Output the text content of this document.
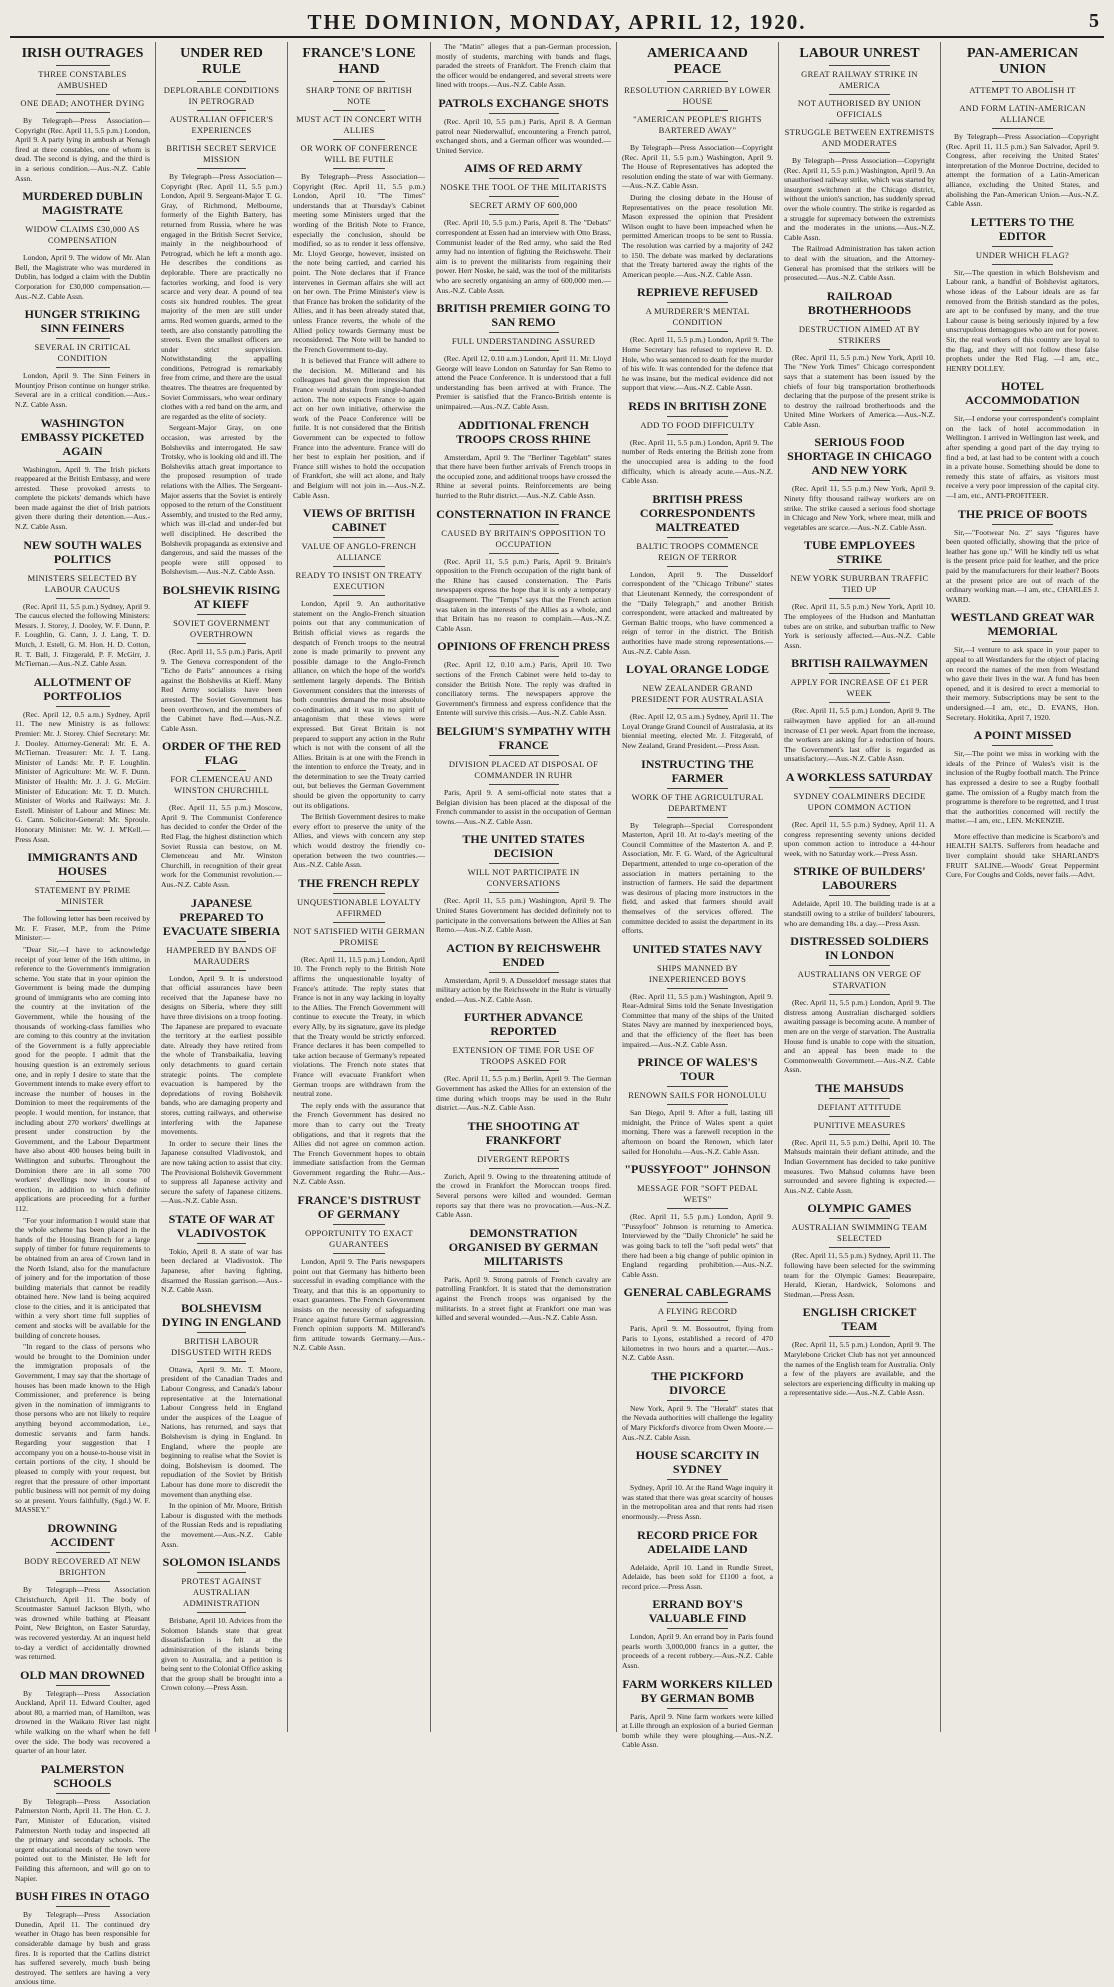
THE DOMINION, MONDAY, APRIL 12, 1920.	5
IRISH OUTRAGES
THREE CONSTABLES AMBUSHED
ONE DEAD; ANOTHER DYING

By Telegraph—Press Association—Copyright (Rec. April 11, 5.5 p.m.) London, April 9. A party lying in ambush at Nenagh fired at three constables, one of whom is dead. The second is dying, and the third is in a serious condition.—Aus.-N.Z. Cable Assn.

MURDERED DUBLIN MAGISTRATE
WIDOW CLAIMS £30,000 AS COMPENSATION

London, April 9. The widow of Mr. Alan Bell, the Magistrate who was murdered in Dublin, has lodged a claim with the Dublin Corporation for £30,000 compensation.—Aus.-N.Z. Cable Assn.

HUNGER STRIKING SINN FEINERS
SEVERAL IN CRITICAL CONDITION

London, April 9. The Sinn Feiners in Mountjoy Prison continue on hunger strike. Several are in a critical condition.—Aus.-N.Z. Cable Assn.

WASHINGTON EMBASSY PICKETED AGAIN

Washington, April 9. The Irish pickets reappeared at the British Embassy, and were arrested. These provoked arrests to complete the pickets' demands which have been made against the diet of Irish patriots given there during their detention.—Aus.-N.Z. Cable Assn.

NEW SOUTH WALES POLITICS
MINISTERS SELECTED BY LABOUR CAUCUS

(Rec. April 11, 5.5 p.m.) Sydney, April 9. The caucus elected the following Ministers: Messrs. J. Storey, J. Dooley, W. F. Dunn, P. F. Loughlin, G. Cann, J. J. Lang, T. D. Mutch, J. Estell, G. M. Hon. H. D. Cotton, R. T. Ball, J. Fitzgerald, P. F. McGirr, J. McTiernan.—Aus.-N.Z. Cable Assn.

ALLOTMENT OF PORTFOLIOS

(Rec. April 12, 0.5 a.m.) Sydney, April 11. The new Ministry is as follows: Premier: Mr. J. Storey. Chief Secretary: Mr. J. Dooley. Attorney-General: Mr. E. A. McTiernan. Treasurer: Mr. J. T. Lang. Minister of Lands: Mr. P. F. Loughlin. Minister of Agriculture: Mr. W. F. Dunn. Minister of Health: Mr. J. J. G. McGirr. Minister of Education: Mr. T. D. Mutch. Minister of Works and Railways: Mr. J. Estell. Minister of Labour and Mines: Mr. G. Cann. Solicitor-General: Mr. Sproule. Honorary Minister: Mr. W. J. M'Kell.—Press Assn.

IMMIGRANTS AND HOUSES
STATEMENT BY PRIME MINISTER

The following letter has been received by Mr. F. Fraser, M.P., from the Prime Minister:—

"Dear Sir,—I have to acknowledge receipt of your letter of the 16th ultimo, in reference to the Government's immigration scheme. You state that in your opinion the Government is being made the dumping ground of immigrants who are coming into the country at the invitation of the Government, while the housing of the thousands of working-class families who are coming to this country at the invitation of the Government is a fully appreciable good for the people. I admit that the housing question is an extremely serious one, and in reply I desire to state that the Government intends to make every effort to increase the number of houses in the Dominion to meet the requirements of the people. I would mention, for instance, that including about 270 workers' dwellings at present under construction by the Government, and the Labour Department have also about 400 houses being built in Wellington and suburbs. Throughout the Dominion there are in all some 700 workers' dwellings now in course of erection, in addition to which definite applications are proceeding for a further 112.

"For your information I would state that the whole scheme has been placed in the hands of the Housing Branch for a large supply of timber for future requirements to be obtained from an area of Crown land in the North Island, also for the manufacture of joinery and for the importation of those building materials that cannot be readily obtained here. New land is being acquired close to the cities, and it is anticipated that within a very short time full supplies of cement and stocks will be available for the building of concrete houses.

"In regard to the class of persons who would be brought to the Dominion under the immigration proposals of the Government, I may say that the shortage of houses has been made known to the High Commissioner, and preference is being given in the nomination of immigrants to those persons who are not likely to require anything beyond accommodation, i.e., domestic servants and farm hands. Regarding your suggestion that I accompany you on a house-to-house visit in certain portions of the city, I should be pleased to comply with your request, but regret that the pressure of other important public business will not permit of my doing so at present. Yours faithfully, (Sgd.) W. F. MASSEY."

DROWNING ACCIDENT
BODY RECOVERED AT NEW BRIGHTON

By Telegraph—Press Association Christchurch, April 11. The body of Scoutmaster Samuel Jackson Blyth, who was drowned while bathing at Pleasant Point, New Brighton, on Easter Saturday, was recovered yesterday. At an inquest held to-day a verdict of accidentally drowned was returned.

OLD MAN DROWNED

By Telegraph—Press Association Auckland, April 11. Edward Coulter, aged about 80, a married man, of Hamilton, was drowned in the Waikato River last night while walking on the wharf when he fell over the side. The body was recovered a quarter of an hour later.

PALMERSTON SCHOOLS

By Telegraph—Press Association Palmerston North, April 11. The Hon. C. J. Parr, Minister of Education, visited Palmerston North today and inspected all the primary and secondary schools. The urgent educational needs of the town were pointed out to the Minister. He left for Feilding this afternoon, and will go on to Napier.

BUSH FIRES IN OTAGO

By Telegraph—Press Association Dunedin, April 11. The continued dry weather in Otago has been responsible for considerable damage by bush and grass fires. It is reported that the Catlins district has suffered severely, much bush being destroyed. The settlers are having a very anxious time.

UNDER RED RULE
DEPLORABLE CONDITIONS IN PETROGRAD
AUSTRALIAN OFFICER'S EXPERIENCES
BRITISH SECRET SERVICE MISSION

By Telegraph—Press Association—Copyright (Rec. April 11, 5.5 p.m.) London, April 9. Sergeant-Major T. G. Gray, of Richmond, Melbourne, formerly of the Eighth Battery, has returned from Russia, where he was engaged in the British Secret Service, mainly in the neighbourhood of Petrograd, which he left a month ago. He describes the conditions as deplorable. There are practically no factories working, and food is very scarce and very dear. A pound of tea costs six hundred roubles. The great majority of the men are still under arms. Red women guards, armed to the teeth, are also constantly patrolling the streets. Even the smallest officers are under strict supervision. Notwithstanding the appalling conditions, Petrograd is remarkably free from crime, and there are the usual theatres. The theatres are frequented by Soviet Commissars, who wear ordinary clothes with a red band on the arm, and are regarded as the elite of society.

Sergeant-Major Gray, on one occasion, was arrested by the Bolsheviks and interrogated. He saw Trotsky, who is looking old and ill. The Bolsheviks attach great importance to the proposed resumption of trade relations with the Allies. The Sergeant-Major asserts that the Soviet is entirely opposed to the return of the Constituent Assembly, and trusted to the Red army, which was ill-clad and under-fed but well disciplined. He described the Bolshevik propaganda as extensive and dangerous, and said the masses of the people were still opposed to Bolshevism.—Aus.-N.Z. Cable Assn.

BOLSHEVIK RISING AT KIEFF
SOVIET GOVERNMENT OVERTHROWN

(Rec. April 11, 5.5 p.m.) Paris, April 9. The Geneva correspondent of the "Echo de Paris" announces a rising against the Bolsheviks at Kieff. Many Red Army socialists have been arrested. The Soviet Government has been overthrown, and the members of the Cabinet have fled.—Aus.-N.Z. Cable Assn.

ORDER OF THE RED FLAG
FOR CLEMENCEAU AND WINSTON CHURCHILL

(Rec. April 11, 5.5 p.m.) Moscow, April 9. The Communist Conference has decided to confer the Order of the Red Flag, the highest distinction which Soviet Russia can bestow, on M. Clemenceau and Mr. Winston Churchill, in recognition of their great work for the Communist revolution.—Aus.-N.Z. Cable Assn.

JAPANESE PREPARED TO EVACUATE SIBERIA
HAMPERED BY BANDS OF MARAUDERS

London, April 9. It is understood that official assurances have been received that the Japanese have no designs on Siberia, where they still have three divisions on a troop footing. The Japanese are prepared to evacuate the territory at the earliest possible date. Already they have retired from the whole of Transbaikalia, leaving only detachments to guard certain strategic points. The complete evacuation is hampered by the depredations of roving Bolshevik bands, who are damaging property and stores, cutting railways, and otherwise interfering with the Japanese movements.

In order to secure their lines the Japanese consulted Vladivostok, and are now taking action to assist that city. The Provisional Bolshevik Government to suppress all Japanese activity and secure the safety of Japanese citizens.—Aus.-N.Z. Cable Assn.

STATE OF WAR AT VLADIVOSTOK

Tokio, April 8. A state of war has been declared at Vladivostok. The Japanese, after having fighting, disarmed the Russian garrison.—Aus.-N.Z. Cable Assn.

BOLSHEVISM DYING IN ENGLAND
BRITISH LABOUR DISGUSTED WITH REDS

Ottawa, April 9. Mr. T. Moore, president of the Canadian Trades and Labour Congress, and Canada's labour representative at the International Labour Congress held in England under the auspices of the League of Nations, has returned, and says that Bolshevism is dying in England. In England, where the people are beginning to realise what the Soviet is doing, Bolshevism is doomed. The repudiation of the Soviet by British Labour has done more to discredit the movement than anything else.

In the opinion of Mr. Moore, British Labour is disgusted with the methods of the Russian Reds and is repudiating the movement.—Aus.-N.Z. Cable Assn.

SOLOMON ISLANDS
PROTEST AGAINST AUSTRALIAN ADMINISTRATION

Brisbane, April 10. Advices from the Solomon Islands state that great dissatisfaction is felt at the administration of the islands being given to Australia, and a petition is being sent to the Colonial Office asking that the group shall be brought into a Crown colony.—Press Assn.

FRANCE'S LONE HAND
SHARP TONE OF BRITISH NOTE
MUST ACT IN CONCERT WITH ALLIES
OR WORK OF CONFERENCE WILL BE FUTILE

By Telegraph—Press Association—Copyright (Rec. April 11, 5.5 p.m.) London, April 10. "The Times" understands that at Thursday's Cabinet meeting some Ministers urged that the wording of the British Note to France, especially the conclusion, should be modified, so as to render it less offensive. Mr. Lloyd George, however, insisted on the note being carried, and carried his point. The Note declares that if France intervenes in German affairs she will act on her own. The Prime Minister's view is that France has broken the solidarity of the Allies, and it has been already stated that, unless France reverts, the whole of the Allied policy towards Germany must be reconsidered. The Note will be handed to the French Government to-day.

It is believed that France will adhere to the decision. M. Millerand and his colleagues had given the impression that France would abstain from single-handed action. The note expects France to again act on her own initiative, otherwise the work of the Peace Conference will be futile. It is not considered that the British Government can be expected to follow France into the adventure. France will do her best to explain her position, and if France still wishes to hold the occupation of Frankfort, she will act alone, and Italy and Belgium will not join in.—Aus.-N.Z. Cable Assn.

VIEWS OF BRITISH CABINET
VALUE OF ANGLO-FRENCH ALLIANCE
READY TO INSIST ON TREATY EXECUTION

London, April 9. An authoritative statement on the Anglo-French situation points out that any communication of British official views as regards the despatch of French troops to the neutral zone is made primarily to prevent any possible damage to the Anglo-French alliance, on which the hope of the world's settlement largely depends. The British Government considers that the interests of both countries demand the most absolute co-ordination, and it was in no spirit of antagonism that these views were expressed. But Great Britain is not prepared to support any action in the Ruhr which is not with the consent of all the Allies. Britain is at one with the French in the intention to enforce the Treaty, and in the determination to see the Treaty carried out, but believes the German Government should be given the opportunity to carry out its obligations.

The British Government desires to make every effort to preserve the unity of the Allies, and views with concern any step which would destroy the friendly co-operation between the two countries.—Aus.-N.Z. Cable Assn.

THE FRENCH REPLY
UNQUESTIONABLE LOYALTY AFFIRMED
NOT SATISFIED WITH GERMAN PROMISE

(Rec. April 11, 11.5 p.m.) London, April 10. The French reply to the British Note affirms the unquestionable loyalty of France's attitude. The reply states that France is not in any way lacking in loyalty to the Allies. The French Government will continue to execute the Treaty, in which every Ally, by its signature, gave its pledge that the Treaty would be strictly enforced. France declares it has been compelled to take action because of Germany's repeated violations. The French note states that France will evacuate Frankfort when German troops are withdrawn from the neutral zone.

The reply ends with the assurance that the French Government has desired no more than to carry out the Treaty obligations, and that it regrets that the Allies did not agree on common action. The French Government hopes to obtain immediate satisfaction from the German Government regarding the Ruhr.—Aus.-N.Z. Cable Assn.

FRANCE'S DISTRUST OF GERMANY
OPPORTUNITY TO EXACT GUARANTEES

London, April 9. The Paris newspapers point out that Germany has hitherto been successful in evading compliance with the Treaty, and that this is an opportunity to exact guarantees. The French Government insists on the necessity of safeguarding France against future German aggression. French opinion supports M. Millerand's firm attitude towards Germany.—Aus.-N.Z. Cable Assn.

The "Matin" alleges that a pan-German procession, mostly of students, marching with bands and flags, paraded the streets of Frankfort. The French claim that the officer would be endangered, and several streets were lined with troops.—Aus.-N.Z. Cable Assn.

PATROLS EXCHANGE SHOTS

(Rec. April 10, 5.5 p.m.) Paris, April 8. A German patrol near Niederwalluf, encountering a French patrol, exchanged shots, and a German officer was wounded.—United Service.

AIMS OF RED ARMY
NOSKE THE TOOL OF THE MILITARISTS
SECRET ARMY OF 600,000

(Rec. April 10, 5.5 p.m.) Paris, April 8. The "Debats" correspondent at Essen had an interview with Otto Brass, Communist leader of the Red army, who said the Red army had no intention of fighting the Reichswehr. Their aim is to prevent the militarists from regaining their power. Herr Noske, he said, was the tool of the militarists who are secretly organising an army of 600,000 men.—Aus.-N.Z. Cable Assn.

BRITISH PREMIER GOING TO SAN REMO
FULL UNDERSTANDING ASSURED

(Rec. April 12, 0.10 a.m.) London, April 11. Mr. Lloyd George will leave London on Saturday for San Remo to attend the Peace Conference. It is understood that a full understanding has been arrived at with France. The Premier is satisfied that the Franco-British entente is unimpaired.—Aus.-N.Z. Cable Assn.

ADDITIONAL FRENCH TROOPS CROSS RHINE

Amsterdam, April 9. The "Berliner Tageblatt" states that there have been further arrivals of French troops in the occupied zone, and additional troops have crossed the Rhine at several points. Reinforcements are being hurried to the Ruhr district.—Aus.-N.Z. Cable Assn.

CONSTERNATION IN FRANCE
CAUSED BY BRITAIN'S OPPOSITION TO OCCUPATION

(Rec. April 11, 5.5 p.m.) Paris, April 9. Britain's opposition to the French occupation of the right bank of the Rhine has caused consternation. The Paris newspapers express the hope that it is only a temporary disagreement. The "Temps" says that the French action was taken in the interests of the Allies as a whole, and that Britain has no reason to complain.—Aus.-N.Z. Cable Assn.

OPINIONS OF FRENCH PRESS

(Rec. April 12, 0.10 a.m.) Paris, April 10. Two sections of the French Cabinet were held to-day to consider the British Note. The reply was drafted in conciliatory terms. The newspapers approve the Government's firmness and express confidence that the Entente will survive this crisis.—Aus.-N.Z. Cable Assn.

BELGIUM'S SYMPATHY WITH FRANCE
DIVISION PLACED AT DISPOSAL OF COMMANDER IN RUHR

Paris, April 9. A semi-official note states that a Belgian division has been placed at the disposal of the French commander to assist in the occupation of German towns.—Aus.-N.Z. Cable Assn.

THE UNITED STATES DECISION
WILL NOT PARTICIPATE IN CONVERSATIONS

(Rec. April 11, 5.5 p.m.) Washington, April 9. The United States Government has decided definitely not to participate in the conversations between the Allies at San Remo.—Aus.-N.Z. Cable Assn.

ACTION BY REICHSWEHR ENDED

Amsterdam, April 9. A Dusseldorf message states that military action by the Reichswehr in the Ruhr is virtually ended.—Aus.-N.Z. Cable Assn.

FURTHER ADVANCE REPORTED
EXTENSION OF TIME FOR USE OF TROOPS ASKED FOR

(Rec. April 11, 5.5 p.m.) Berlin, April 9. The German Government has asked the Allies for an extension of the time during which troops may be used in the Ruhr district.—Aus.-N.Z. Cable Assn.

THE SHOOTING AT FRANKFORT
DIVERGENT REPORTS

Zurich, April 9. Owing to the threatening attitude of the crowd in Frankfort the Moroccan troops fired. Several persons were killed and wounded. German reports say that there was no provocation.—Aus.-N.Z. Cable Assn.

DEMONSTRATION ORGANISED BY GERMAN MILITARISTS

Paris, April 9. Strong patrols of French cavalry are patrolling Frankfort. It is stated that the demonstration against the French troops was organised by the militarists. In a street fight at Frankfort one man was killed and several wounded.—Aus.-N.Z. Cable Assn.

AMERICA AND PEACE
RESOLUTION CARRIED BY LOWER HOUSE
"AMERICAN PEOPLE'S RIGHTS BARTERED AWAY"

By Telegraph—Press Association—Copyright (Rec. April 11, 5.5 p.m.) Washington, April 9. The House of Representatives has adopted the resolution ending the state of war with Germany.—Aus.-N.Z. Cable Assn.

During the closing debate in the House of Representatives on the peace resolution Mr. Mason expressed the opinion that President Wilson ought to have been impeached when he permitted American troops to be sent to Russia. The resolution was carried by a majority of 242 to 150. The debate was marked by declarations that the Treaty bartered away the rights of the American people.—Aus.-N.Z. Cable Assn.

REPRIEVE REFUSED
A MURDERER'S MENTAL CONDITION

(Rec. April 11, 5.5 p.m.) London, April 9. The Home Secretary has refused to reprieve R. D. Hole, who was sentenced to death for the murder of his wife. It was contended for the defence that he was insane, but the medical evidence did not support that view.—Aus.-N.Z. Cable Assn.

REDS IN BRITISH ZONE
ADD TO FOOD DIFFICULTY

(Rec. April 11, 5.5 p.m.) London, April 9. The number of Reds entering the British zone from the unoccupied area is adding to the food difficulty, which is already acute.—Aus.-N.Z. Cable Assn.

BRITISH PRESS CORRESPONDENTS MALTREATED
BALTIC TROOPS COMMENCE REIGN OF TERROR

London, April 9. The Dusseldorf correspondent of the "Chicago Tribune" states that Lieutenant Kennedy, the correspondent of the "Daily Telegraph," and another British correspondent, were attacked and maltreated by German Baltic troops, who have commenced a reign of terror in the district. The British authorities have made strong representations.—Aus.-N.Z. Cable Assn.

LOYAL ORANGE LODGE
NEW ZEALANDER GRAND PRESIDENT FOR AUSTRALASIA

(Rec. April 12, 0.5 a.m.) Sydney, April 11. The Loyal Orange Grand Council of Australasia, at its biennial meeting, elected Mr. J. Fitzgerald, of New Zealand, Grand President.—Press Assn.

INSTRUCTING THE FARMER
WORK OF THE AGRICULTURAL DEPARTMENT

By Telegraph—Special Correspondent Masterton, April 10. At to-day's meeting of the Council Committee of the Masterton A. and P. Association, Mr. F. G. Ward, of the Agricultural Department, attended to urge co-operation of the association in matters pertaining to the instruction of farmers. He said the department was desirous of placing more instructors in the field, and asked that farmers should avail themselves of the services offered. The committee decided to assist the department in its efforts.

UNITED STATES NAVY
SHIPS MANNED BY INEXPERIENCED BOYS

(Rec. April 11, 5.5 p.m.) Washington, April 9. Rear-Admiral Sims told the Senate Investigation Committee that many of the ships of the United States Navy are manned by inexperienced boys, and that the efficiency of the fleet has been impaired.—Aus.-N.Z. Cable Assn.

PRINCE OF WALES'S TOUR
RENOWN SAILS FOR HONOLULU

San Diego, April 9. After a full, lasting till midnight, the Prince of Wales spent a quiet morning. There was a farewell reception in the afternoon on board the Renown, which later sailed for Honolulu.—Aus.-N.Z. Cable Assn.

"PUSSYFOOT" JOHNSON
MESSAGE FOR "SOFT PEDAL WETS"

(Rec. April 11, 5.5 p.m.) London, April 9. "Pussyfoot" Johnson is returning to America. Interviewed by the "Daily Chronicle" he said he was going back to tell the "soft pedal wets" that there had been a big change of public opinion in England regarding prohibition.—Aus.-N.Z. Cable Assn.

GENERAL CABLEGRAMS
A FLYING RECORD

Paris, April 9. M. Bossoutrot, flying from Paris to Lyons, established a record of 470 kilometres in two hours and a quarter.—Aus.-N.Z. Cable Assn.

THE PICKFORD DIVORCE

New York, April 9. The "Herald" states that the Nevada authorities will challenge the legality of Mary Pickford's divorce from Owen Moore.—Aus.-N.Z. Cable Assn.

HOUSE SCARCITY IN SYDNEY

Sydney, April 10. At the Rand Wage inquiry it was stated that there was great scarcity of houses in the metropolitan area and that rents had risen enormously.—Press Assn.

RECORD PRICE FOR ADELAIDE LAND

Adelaide, April 10. Land in Rundle Street, Adelaide, has been sold for £1100 a foot, a record price.—Press Assn.

ERRAND BOY'S VALUABLE FIND

London, April 9. An errand boy in Paris found pearls worth 3,000,000 francs in a gutter, the proceeds of a recent robbery.—Aus.-N.Z. Cable Assn.

FARM WORKERS KILLED BY GERMAN BOMB

Paris, April 9. Nine farm workers were killed at Lille through an explosion of a buried German bomb while they were ploughing.—Aus.-N.Z. Cable Assn.

LABOUR UNREST
GREAT RAILWAY STRIKE IN AMERICA
NOT AUTHORISED BY UNION OFFICIALS
STRUGGLE BETWEEN EXTREMISTS AND MODERATES

By Telegraph—Press Association—Copyright (Rec. April 11, 5.5 p.m.) Washington, April 9. An unauthorised railway strike, which was started by insurgent switchmen at the Chicago district, without the union's sanction, has suddenly spread over the whole country. The strike is regarded as a struggle for supremacy between the extremists and the moderates in the unions.—Aus.-N.Z. Cable Assn.

The Railroad Administration has taken action to deal with the situation, and the Attorney-General has promised that the strikers will be prosecuted.—Aus.-N.Z. Cable Assn.

RAILROAD BROTHERHOODS
DESTRUCTION AIMED AT BY STRIKERS

(Rec. April 11, 5.5 p.m.) New York, April 10. The "New York Times" Chicago correspondent says that a statement has been issued by the chiefs of four big transportation brotherhoods declaring that the purpose of the present strike is to destroy the railroad brotherhoods and the United Mine Workers of America.—Aus.-N.Z. Cable Assn.

SERIOUS FOOD SHORTAGE IN CHICAGO AND NEW YORK

(Rec. April 11, 5.5 p.m.) New York, April 9. Ninety fifty thousand railway workers are on strike. The strike caused a serious food shortage in Chicago and New York, where meat, milk and vegetables are scarce.—Aus.-N.Z. Cable Assn.

TUBE EMPLOYEES STRIKE
NEW YORK SUBURBAN TRAFFIC TIED UP

(Rec. April 11, 5.5 p.m.) New York, April 10. The employees of the Hudson and Manhattan tubes are on strike, and suburban traffic to New York is seriously affected.—Aus.-N.Z. Cable Assn.

BRITISH RAILWAYMEN
APPLY FOR INCREASE OF £1 PER WEEK

(Rec. April 11, 5.5 p.m.) London, April 9. The railwaymen have applied for an all-round increase of £1 per week. Apart from the increase, the workers are asking for a reduction of hours. The Government's last offer is regarded as unsatisfactory.—Aus.-N.Z. Cable Assn.

A WORKLESS SATURDAY
SYDNEY COALMINERS DECIDE UPON COMMON ACTION

(Rec. April 11, 5.5 p.m.) Sydney, April 11. A congress representing seventy unions decided upon common action to introduce a 44-hour week, with no Saturday work.—Press Assn.

STRIKE OF BUILDERS' LABOURERS

Adelaide, April 10. The building trade is at a standstill owing to a strike of builders' labourers, who are demanding 18s. a day.—Press Assn.

DISTRESSED SOLDIERS IN LONDON
AUSTRALIANS ON VERGE OF STARVATION

(Rec. April 11, 5.5 p.m.) London, April 9. The distress among Australian discharged soldiers awaiting passage is becoming acute. A number of men are on the verge of starvation. The Australia House fund is unable to cope with the situation, and an appeal has been made to the Commonwealth Government.—Aus.-N.Z. Cable Assn.

THE MAHSUDS
DEFIANT ATTITUDE
PUNITIVE MEASURES

(Rec. April 11, 5.5 p.m.) Delhi, April 10. The Mahsuds maintain their defiant attitude, and the Indian Government has decided to take punitive measures. Two Mahsud columns have been surrounded and severe fighting is expected.—Aus.-N.Z. Cable Assn.

OLYMPIC GAMES
AUSTRALIAN SWIMMING TEAM SELECTED

(Rec. April 11, 5.5 p.m.) Sydney, April 11. The following have been selected for the swimming team for the Olympic Games: Beaurepaire, Herald, Kieran, Hardwick, Solomons and Stedman.—Press Assn.

ENGLISH CRICKET TEAM

(Rec. April 11, 5.5 p.m.) London, April 9. The Marylebone Cricket Club has not yet announced the names of the English team for Australia. Only a few of the players are available, and the selectors are experiencing difficulty in making up a representative side.—Aus.-N.Z. Cable Assn.

PAN-AMERICAN UNION
ATTEMPT TO ABOLISH IT
AND FORM LATIN-AMERICAN ALLIANCE

By Telegraph—Press Association—Copyright (Rec. April 11, 11.5 p.m.) San Salvador, April 9. Congress, after receiving the United States' interpretation of the Monroe Doctrine, decided to attempt the formation of a Latin-American alliance, excluding the United States, and abolishing the Pan-American Union.—Aus.-N.Z. Cable Assn.

LETTERS TO THE EDITOR
UNDER WHICH FLAG?

Sir,—The question in which Bolshevism and Labour rank, a handful of Bolshevist agitators, whose ideas of the Labour ideals are as far removed from the British standard as the poles, are apt to be confused by many, and the true Labour cause is being seriously injured by a few unscrupulous demagogues who are out for power. Sir, the real workers of this country are loyal to the flag, and they will not follow these false prophets under the Red Flag. —I am, etc., HENRY DOLLEY.

HOTEL ACCOMMODATION

Sir,—I endorse your correspondent's complaint on the lack of hotel accommodation in Wellington. I arrived in Wellington last week, and after spending a good part of the day trying to find a bed, at last had to be content with a couch in a private house. Something should be done to remedy this state of affairs, as visitors must receive a very poor impression of the capital city.—I am, etc., ANTI-PROFITEER.

THE PRICE OF BOOTS

Sir,—"Footwear No. 2" says "figures have been quoted officially, showing that the price of leather has gone up." Will he kindly tell us what is the present price paid for leather, and the price paid by the manufacturers for their leather? Boots at the present price are out of reach of the ordinary working man.—I am, etc., CHARLES J. WARD.

WESTLAND GREAT WAR MEMORIAL

Sir,—I venture to ask space in your paper to appeal to all Westlanders for the object of placing on record the names of the men from Westland who gave their lives in the war. A fund has been opened, and it is desired to erect a memorial to their memory. Subscriptions may be sent to the undersigned.—I am, etc., D. EVANS, Hon. Secretary. Hokitika, April 7, 1920.

A POINT MISSED

Sir,—The point we miss in working with the ideals of the Prince of Wales's visit is the inclusion of the Rugby football match. The Prince has expressed a desire to see a Rugby football game. The omission of a Rugby match from the programme is therefore to be regretted, and I trust that the authorities concerned will rectify the matter.—I am, etc., LEN. McKENZIE.

More effective than medicine is Scarboro's and HEALTH SALTS. Sufferers from headache and liver complaint should take SHARLAND'S FRUIT SALINE.—Woods' Great Peppermint Cure, For Coughs and Colds, never fails.—Advt.
